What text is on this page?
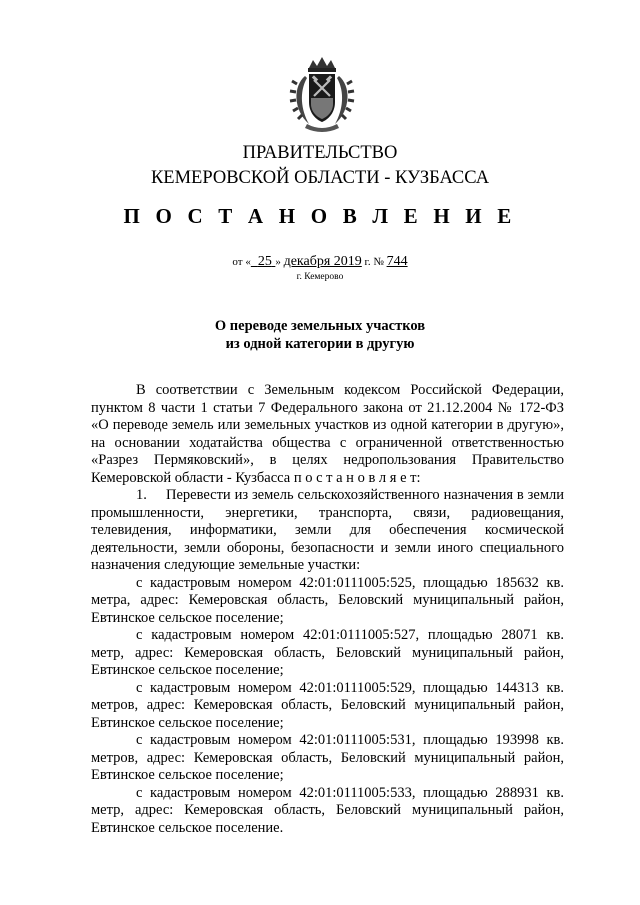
ПРАВИТЕЛЬСТВО
КЕМЕРОВСКОЙ ОБЛАСТИ - КУЗБАССА
П О С Т А Н О В Л Е Н И Е
от « 25 » декабря 2019 г. № 744
г. Кемерово
О переводе земельных участков
из одной категории в другую

В соответствии с Земельным кодексом Российской Федерации, пунктом 8 части 1 статьи 7 Федерального закона от 21.12.2004 № 172-ФЗ «О переводе земель или земельных участков из одной категории в другую», на основании ходатайства общества с ограниченной ответственностью «Разрез Пермяковский», в целях недропользования Правительство Кемеровской области - Кузбасса п о с т а н о в л я е т:

1. Перевести из земель сельскохозяйственного назначения в земли промышленности, энергетики, транспорта, связи, радиовещания, телевидения, информатики, земли для обеспечения космической деятельности, земли обороны, безопасности и земли иного специального назначения следующие земельные участки:

с кадастровым номером 42:01:0111005:525, площадью 185632 кв. метра, адрес: Кемеровская область, Беловский муниципальный район, Евтинское сельское поселение;

с кадастровым номером 42:01:0111005:527, площадью 28071 кв. метр, адрес: Кемеровская область, Беловский муниципальный район, Евтинское сельское поселение;

с кадастровым номером 42:01:0111005:529, площадью 144313 кв. метров, адрес: Кемеровская область, Беловский муниципальный район, Евтинское сельское поселение;

с кадастровым номером 42:01:0111005:531, площадью 193998 кв. метров, адрес: Кемеровская область, Беловский муниципальный район, Евтинское сельское поселение;

с кадастровым номером 42:01:0111005:533, площадью 288931 кв. метр, адрес: Кемеровская область, Беловский муниципальный район, Евтинское сельское поселение.
